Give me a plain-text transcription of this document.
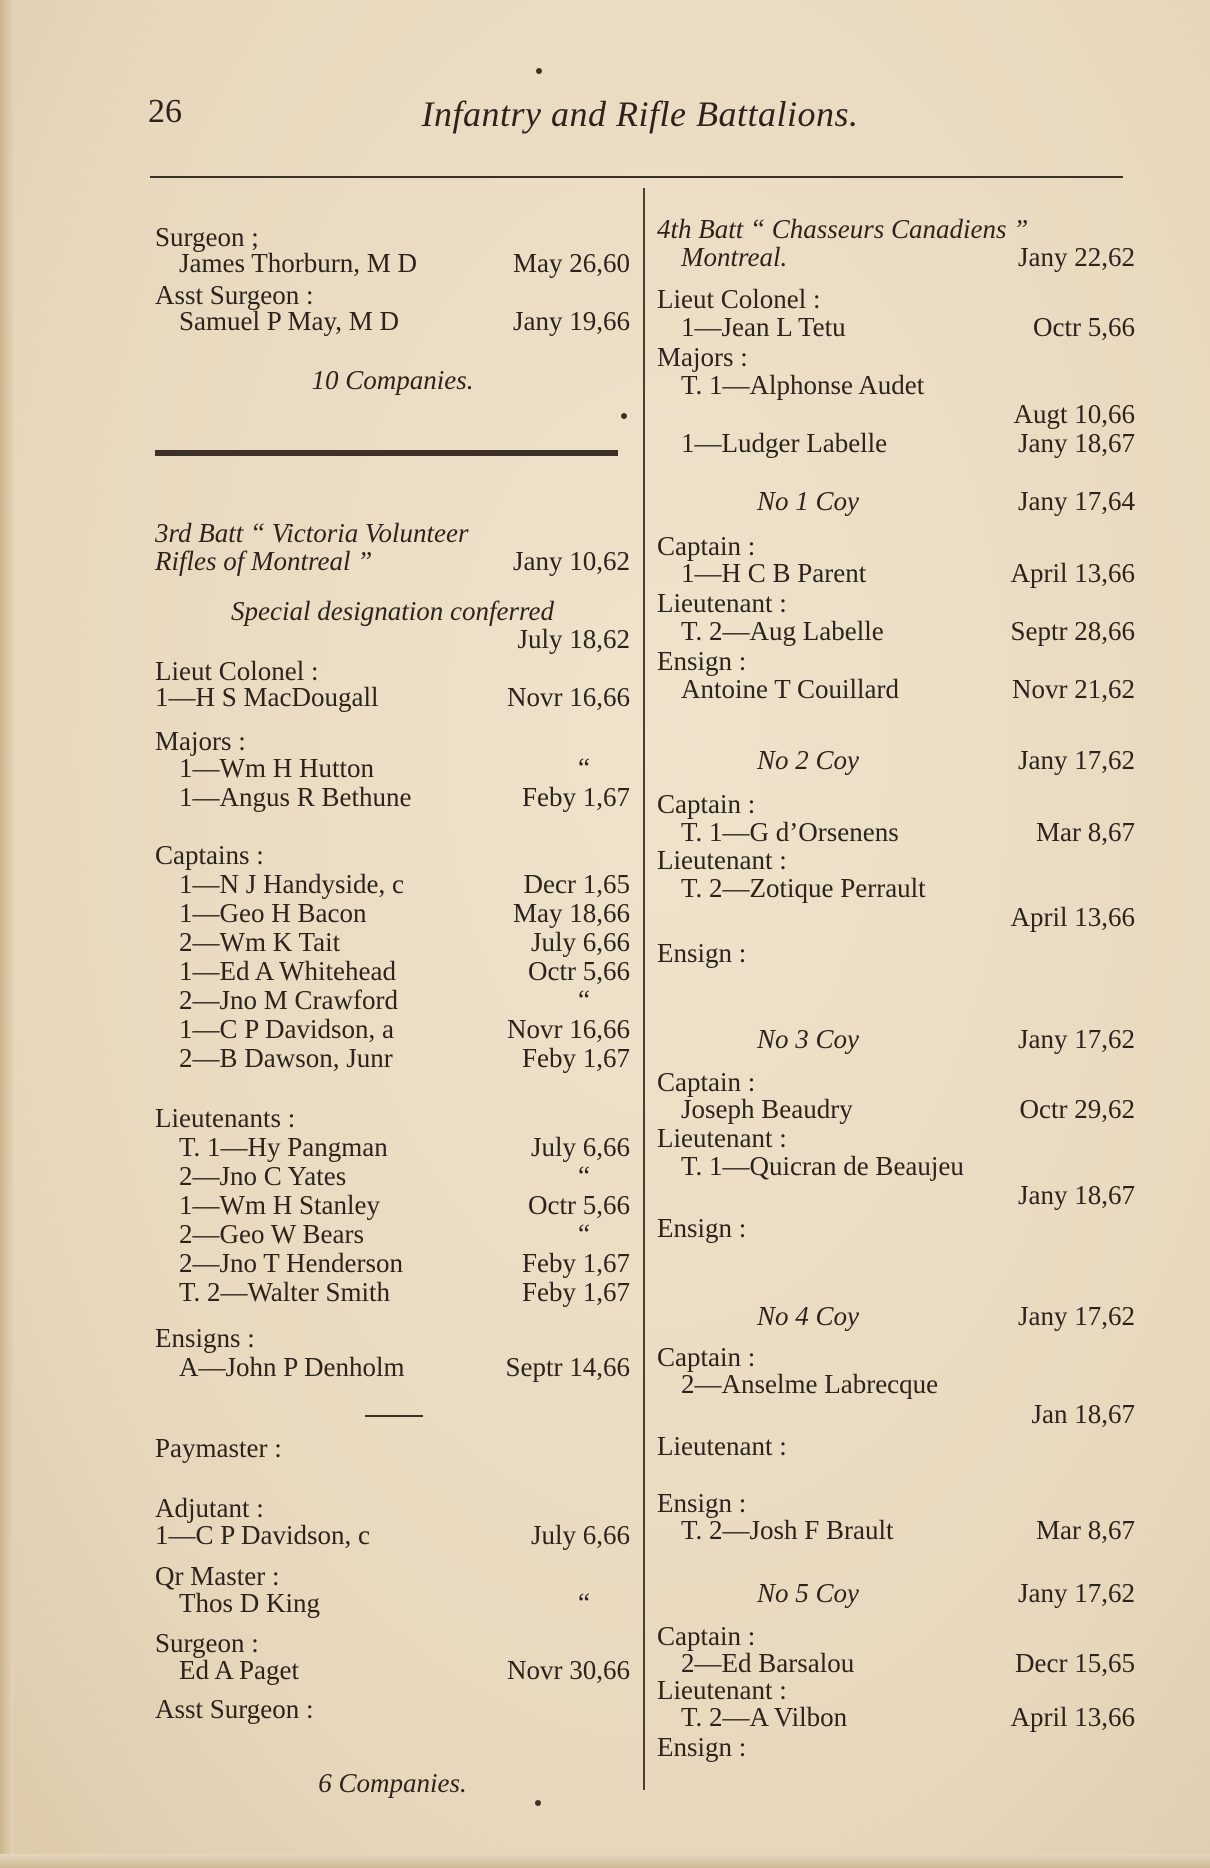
26	Infantry and Rifle Battalions.
Surgeon ;
James Thorburn, M D	May 26,60
Asst Surgeon :
Samuel P May, M D	Jany 19,66
10 Companies.
3rd Batt “ Victoria Volunteer
Rifles of Montreal ”	Jany 10,62
Special designation conferred
July 18,62
Lieut Colonel :
1—H S MacDougall	Novr 16,66
Majors :
1—Wm H Hutton	“
1—Angus R Bethune	Feby 1,67
Captains :
1—N J Handyside, c	Decr 1,65
1—Geo H Bacon	May 18,66
2—Wm K Tait	July 6,66
1—Ed A Whitehead	Octr 5,66
2—Jno M Crawford	“
1—C P Davidson, a	Novr 16,66
2—B Dawson, Junr	Feby 1,67
Lieutenants :
T. 1—Hy Pangman	July 6,66
2—Jno C Yates	“
1—Wm H Stanley	Octr 5,66
2—Geo W Bears	“
2—Jno T Henderson	Feby 1,67
T. 2—Walter Smith	Feby 1,67
Ensigns :
A—John P Denholm	Septr 14,66
Paymaster :
Adjutant :
1—C P Davidson, c	July 6,66
Qr Master :
Thos D King	“
Surgeon :
Ed A Paget	Novr 30,66
Asst Surgeon :
6 Companies.
4th Batt “ Chasseurs Canadiens ”
Montreal.	Jany 22,62
Lieut Colonel :
1—Jean L Tetu	Octr 5,66
Majors :
T. 1—Alphonse Audet
Augt 10,66
1—Ludger Labelle	Jany 18,67
No 1 Coy	Jany 17,64
Captain :
1—H C B Parent	April 13,66
Lieutenant :
T. 2—Aug Labelle	Septr 28,66
Ensign :
Antoine T Couillard	Novr 21,62
No 2 Coy	Jany 17,62
Captain :
T. 1—G d’Orsenens	Mar 8,67
Lieutenant :
T. 2—Zotique Perrault
April 13,66
Ensign :
No 3 Coy	Jany 17,62
Captain :
Joseph Beaudry	Octr 29,62
Lieutenant :
T. 1—Quicran de Beaujeu
Jany 18,67
Ensign :
No 4 Coy	Jany 17,62
Captain :
2—Anselme Labrecque
Jan 18,67
Lieutenant :
Ensign :
T. 2—Josh F Brault	Mar 8,67
No 5 Coy	Jany 17,62
Captain :
2—Ed Barsalou	Decr 15,65
Lieutenant :
T. 2—A Vilbon	April 13,66
Ensign :
